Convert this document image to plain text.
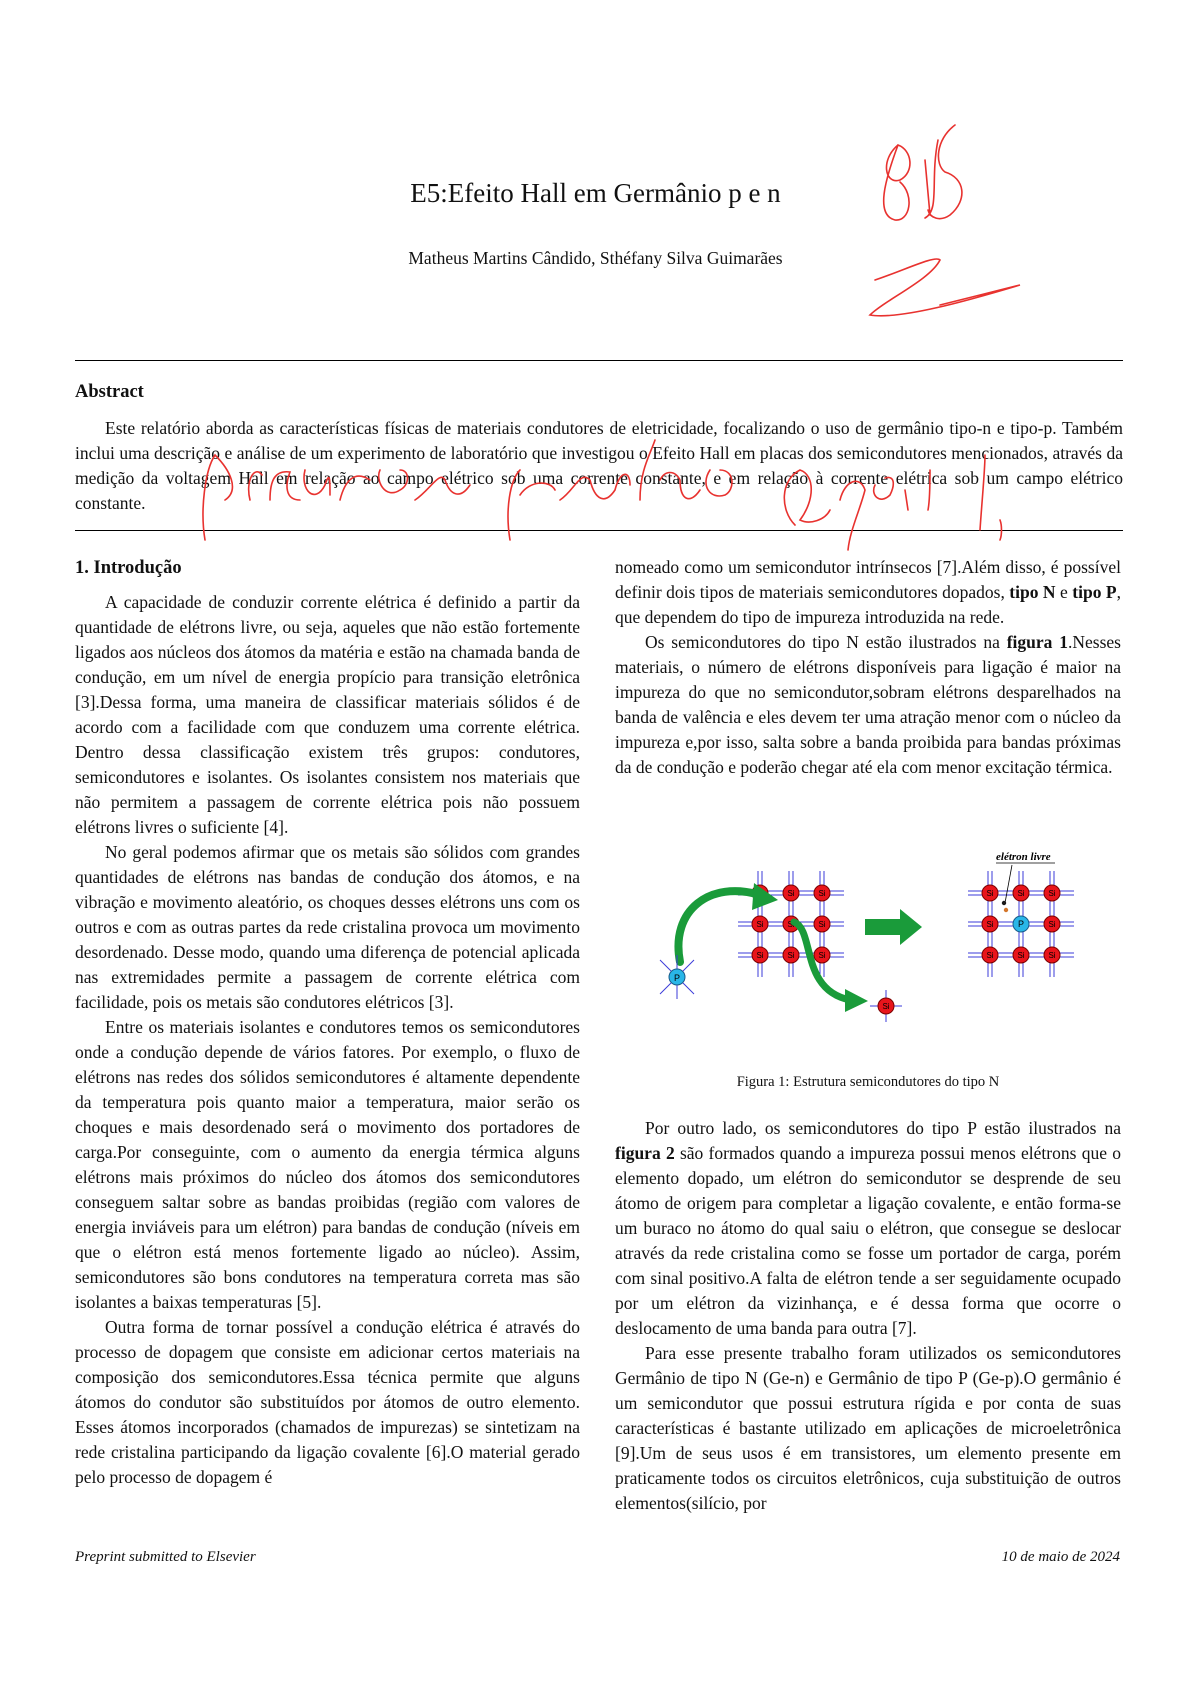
E5:Efeito Hall em Germânio p e n
Matheus Martins Cândido, Sthéfany Silva Guimarães
Abstract
Este relatório aborda as características físicas de materiais condutores de eletricidade, focalizando o uso de germânio tipo-n e tipo-p. Também inclui uma descrição e análise de um experimento de laboratório que investigou o Efeito Hall em placas dos semicondutores mencionados, através da medição da voltagem Hall em relação ao campo elétrico sob uma corrente constante, e em relação à corrente elétrica sob um campo elétrico constante.
1. Introdução

A capacidade de conduzir corrente elétrica é definido a partir da quantidade de elétrons livre, ou seja, aqueles que não estão fortemente ligados aos núcleos dos átomos da matéria e estão na chamada banda de condução, em um nível de energia propício para transição eletrônica [3].Dessa forma, uma maneira de classificar materiais sólidos é de acordo com a facilidade com que conduzem uma corrente elétrica. Dentro dessa classificação existem três grupos: condutores, semicondutores e isolantes. Os isolantes consistem nos materiais que não permitem a passagem de corrente elétrica pois não possuem elétrons livres o suficiente [4].

No geral podemos afirmar que os metais são sólidos com grandes quantidades de elétrons nas bandas de condução dos átomos, e na vibração e movimento aleatório, os choques desses elétrons uns com os outros e com as outras partes da rede cristalina provoca um movimento desordenado. Desse modo, quando uma diferença de potencial aplicada nas extremidades permite a passagem de corrente elétrica com facilidade, pois os metais são condutores elétricos [3].

Entre os materiais isolantes e condutores temos os semicondutores onde a condução depende de vários fatores. Por exemplo, o fluxo de elétrons nas redes dos sólidos semicondutores é altamente dependente da temperatura pois quanto maior a temperatura, maior serão os choques e mais desordenado será o movimento dos portadores de carga.Por conseguinte, com o aumento da energia térmica alguns elétrons mais próximos do núcleo dos átomos dos semicondutores conseguem saltar sobre as bandas proibidas (região com valores de energia inviáveis para um elétron) para bandas de condução (níveis em que o elétron está menos fortemente ligado ao núcleo). Assim, semicondutores são bons condutores na temperatura correta mas são isolantes a baixas temperaturas [5].

Outra forma de tornar possível a condução elétrica é através do processo de dopagem que consiste em adicionar certos materiais na composição dos semicondutores.Essa técnica permite que alguns átomos do condutor são substituídos por átomos de outro elemento. Esses átomos incorporados (chamados de impurezas) se sintetizam na rede cristalina participando da ligação covalente [6].O material gerado pelo processo de dopagem é

nomeado como um semicondutor intrínsecos [7].Além disso, é possível definir dois tipos de materiais semicondutores dopados, tipo N e tipo P, que dependem do tipo de impureza introduzida na rede.

Os semicondutores do tipo N estão ilustrados na figura 1.Nesses materiais, o número de elétrons disponíveis para ligação é maior na impureza do que no semicondutor,sobram elétrons desparelhados na banda de valência e eles devem ter uma atração menor com o núcleo da impureza e,por isso, salta sobre a banda proibida para bandas próximas da de condução e poderão chegar até ela com menor excitação térmica.

Si	Si
Si	Si	Si
Si	Si	Si
Si	Si	Si
Si	P	Si
Si	Si	Si
P
Si
elétron livre
Figura 1: Estrutura semicondutores do tipo N

Por outro lado, os semicondutores do tipo P estão ilustrados na figura 2 são formados quando a impureza possui menos elétrons que o elemento dopado, um elétron do semicondutor se desprende de seu átomo de origem para completar a ligação covalente, e então forma-se um buraco no átomo do qual saiu o elétron, que consegue se deslocar através da rede cristalina como se fosse um portador de carga, porém com sinal positivo.A falta de elétron tende a ser seguidamente ocupado por um elétron da vizinhança, e é dessa forma que ocorre o deslocamento de uma banda para outra [7].

Para esse presente trabalho foram utilizados os semicondutores Germânio de tipo N (Ge-n) e Germânio de tipo P (Ge-p).O germânio é um semicondutor que possui estrutura rígida e por conta de suas características é bastante utilizado em aplicações de microeletrônica [9].Um de seus usos é em transistores, um elemento presente em praticamente todos os circuitos eletrônicos, cuja substituição de outros elementos(silício, por

Preprint submitted to Elsevier	10 de maio de 2024
